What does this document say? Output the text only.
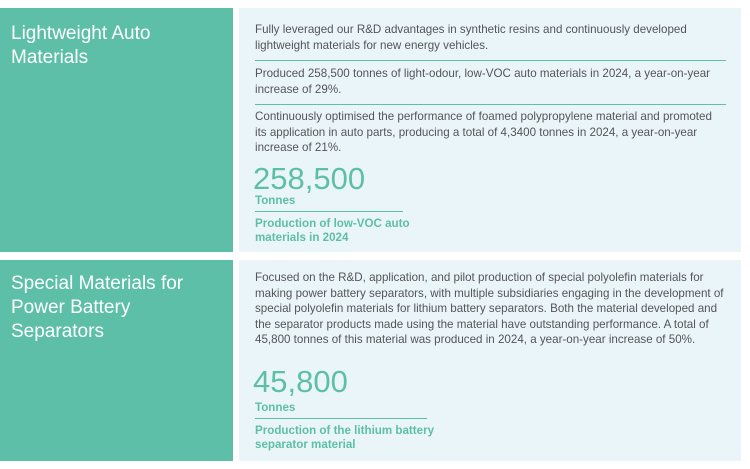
Lightweight Auto Materials
Fully leveraged our R&D advantages in synthetic resins and continuously developed lightweight materials for new energy vehicles.
Produced 258,500 tonnes of light-odour, low-VOC auto materials in 2024, a year-on-year increase of 29%.
Continuously optimised the performance of foamed polypropylene material and promoted its application in auto parts, producing a total of 4,3400 tonnes in 2024, a year-on-year increase of 21%.
258,500
Tonnes
Production of low-VOC auto materials in 2024
Special Materials for Power Battery Separators
Focused on the R&D, application, and pilot production of special polyolefin materials for making power battery separators, with multiple subsidiaries engaging in the development of special polyolefin materials for lithium battery separators. Both the material developed and the separator products made using the material have outstanding performance. A total of 45,800 tonnes of this material was produced in 2024, a year-on-year increase of 50%.
45,800
Tonnes
Production of the lithium battery separator material
